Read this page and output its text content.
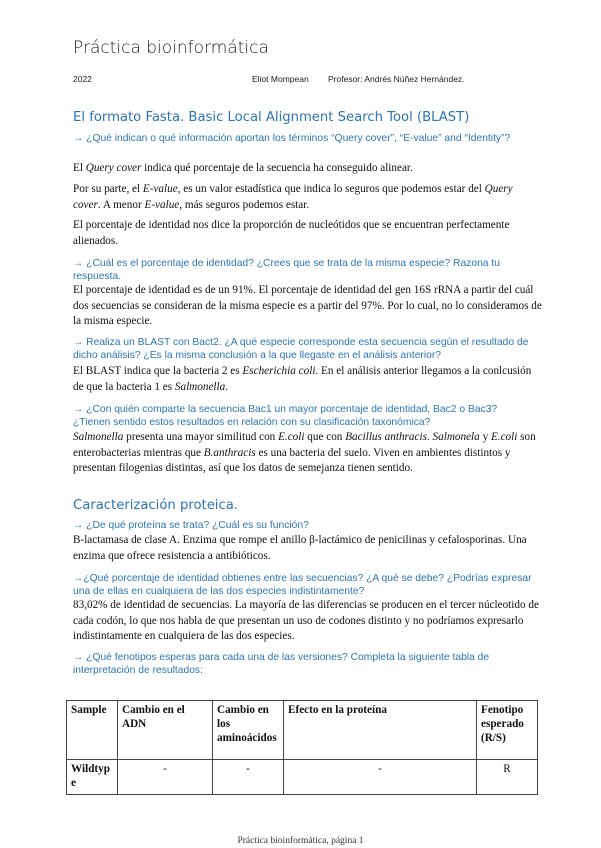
Práctica bioinformática
2022	Eliot Mompean Profesor: Andrés Núñez Hernández.
El formato Fasta. Basic Local Alignment Search Tool (BLAST)
→ ¿Qué indican o qué información aportan los términos “Query cover”, “E-value” and “Identity”?
El Query cover indica qué porcentaje de la secuencia ha conseguido alinear.
Por su parte, el E-value, es un valor estadística que indica lo seguros que podemos estar del Query cover. A menor E-value, más seguros podemos estar.
El porcentaje de identidad nos dice la proporción de nucleótidos que se encuentran perfectamente alienados.
→ ¿Cuál es el porcentaje de identidad? ¿Crees que se trata de la misma especie? Razona tu respuesta.
El porcentaje de identidad es de un 91%. El porcentaje de identidad del gen 16S rRNA a partir del cuál dos secuencias se consideran de la misma especie es a partir del 97%. Por lo cual, no lo consideramos de la misma especie.
→ Realiza un BLAST con Bact2. ¿A qué especie corresponde esta secuencia según el resultado de dicho análisis? ¿Es la misma conclusión a la que llegaste en el análisis anterior?
El BLAST indica que la bacteria 2 es Escherichia coli. En el análisis anterior llegamos a la conlcusión de que la bacteria 1 es Salmonella.
→ ¿Con quién comparte la secuencia Bac1 un mayor porcentaje de identidad, Bac2 o Bac3? ¿Tienen sentido estos resultados en relación con su clasificación taxonómica?
Salmonella presenta una mayor similitud con E.coli que con Bacillus anthracis. Salmonela y E.coli son enterobacterias mientras que B.anthracis es una bacteria del suelo. Viven en ambientes distintos y presentan filogenias distintas, así que los datos de semejanza tienen sentido.
Caracterización proteica.
→ ¿De qué proteína se trata? ¿Cuál es su función?
B-lactamasa de clase A. Enzima que rompe el anillo β-lactámico de penicilinas y cefalosporinas. Una enzima que ofrece resistencia a antibióticos.
→¿Qué porcentaje de identidad obtienes entre las secuencias? ¿A qué se debe? ¿Podrías expresar una de ellas en cualquiera de las dos especies indistintamente?
83,02% de identidad de secuencias. La mayoría de las diferencias se producen en el tercer núcleotido de cada codón, lo que nos habla de que presentan un uso de codones distinto y no podríamos expresarlo indistintamente en cualquiera de las dos especies.
→ ¿Qué fenotipos esperas para cada una de las versiones? Completa la siguiente tabla de interpretación de resultados:
Sample	Cambio en el ADN	Cambio en los aminoácidos	Efecto en la proteína	Fenotipo esperado (R/S)
Wildtype	-	-	-	R
Práctica bioinformática, página 1
